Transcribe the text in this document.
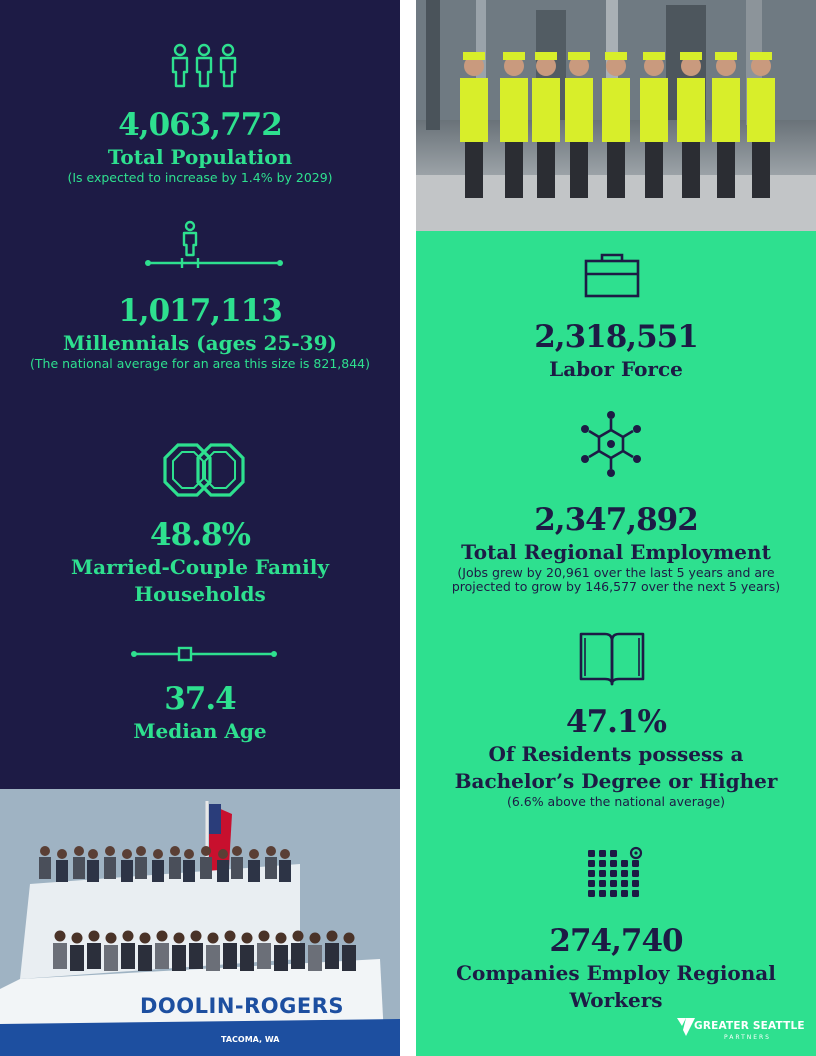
DOOLIN-ROGERS
TACOMA, WA
4,063,772
Total Population
(Is expected to increase by 1.4% by 2029)
1,017,113
Millennials (ages 25-39)
(The national average for an area this size is 821,844)
48.8%
Married-Couple Family
Households
37.4
Median Age
2,318,551
Labor Force
2,347,892
Total Regional Employment
(Jobs grew by 20,961 over the last 5 years and are
projected to grow by 146,577 over the next 5 years)
47.1%
Of Residents possess a
Bachelor’s Degree or Higher
(6.6% above the national average)
274,740
Companies Employ Regional
Workers
GREATER SEATTLE
PARTNERS
